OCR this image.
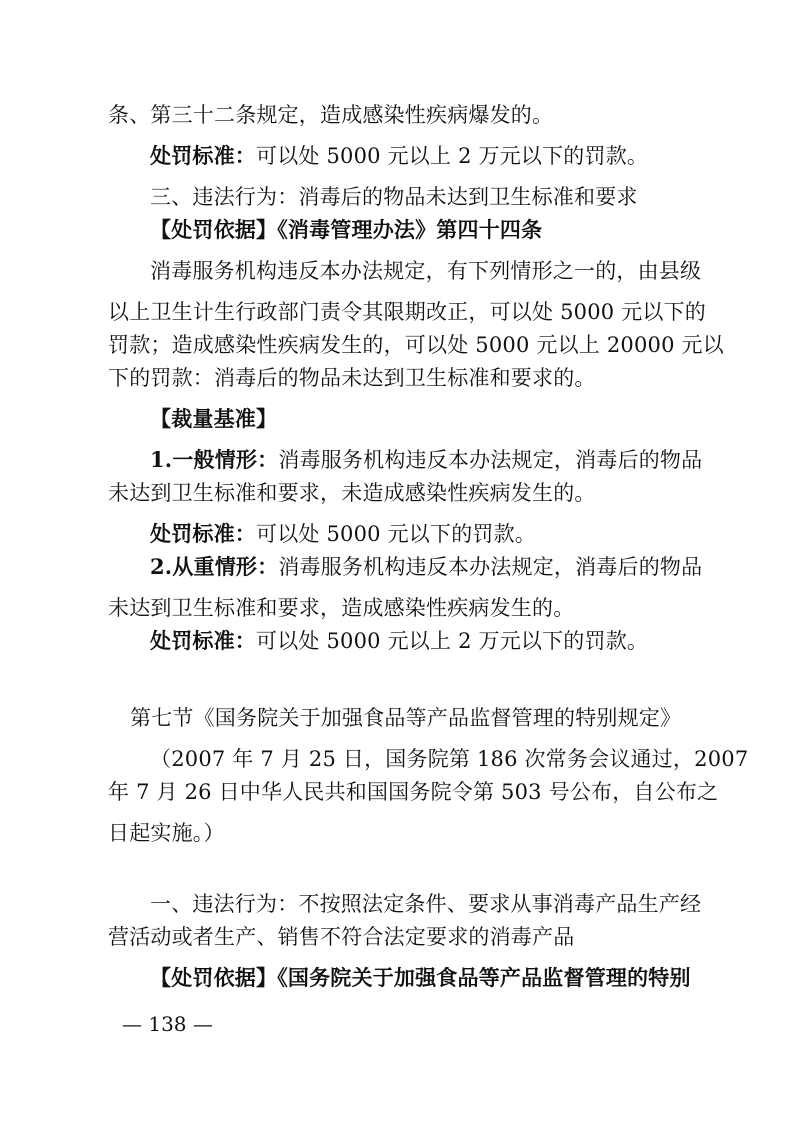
条、第三十二条规定，造成感染性疾病爆发的。
处罚标准：可以处 5000 元以上 2 万元以下的罚款。
三、违法行为：消毒后的物品未达到卫生标准和要求
【处罚依据】《消毒管理办法》第四十四条
消毒服务机构违反本办法规定，有下列情形之一的，由县级
以上卫生计生行政部门责令其限期改正，可以处 5000 元以下的
罚款；造成感染性疾病发生的，可以处 5000 元以上 20000 元以
下的罚款：消毒后的物品未达到卫生标准和要求的。
【裁量基准】
1.一般情形：消毒服务机构违反本办法规定，消毒后的物品
未达到卫生标准和要求，未造成感染性疾病发生的。
处罚标准：可以处 5000 元以下的罚款。
2.从重情形：消毒服务机构违反本办法规定，消毒后的物品
未达到卫生标准和要求，造成感染性疾病发生的。
处罚标准：可以处 5000 元以上 2 万元以下的罚款。
第七节《国务院关于加强食品等产品监督管理的特别规定》
（2007 年 7 月 25 日，国务院第 186 次常务会议通过，2007
年 7 月 26 日中华人民共和国国务院令第 503 号公布，自公布之
日起实施。）
一、违法行为：不按照法定条件、要求从事消毒产品生产经
营活动或者生产、销售不符合法定要求的消毒产品
【处罚依据】《国务院关于加强食品等产品监督管理的特别
— 138 —
